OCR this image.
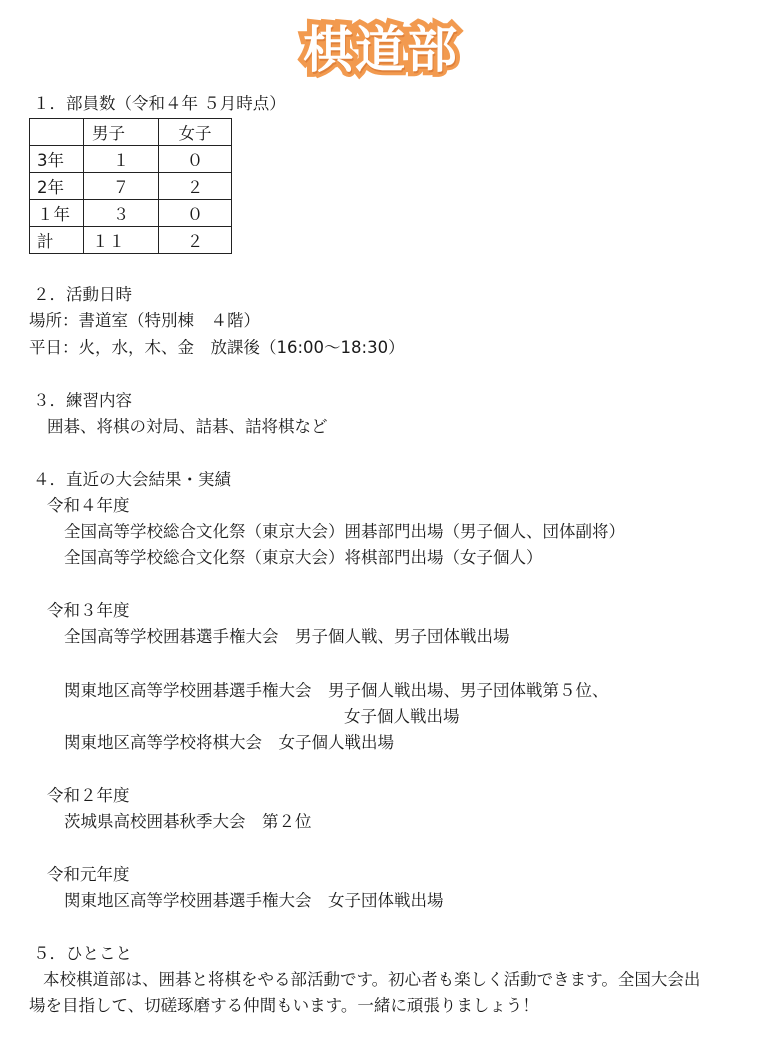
棋道部
１．部員数（令和４年 ５月時点）
	男子	女子
3年	１	０
2年	７	２
１年	３	０
計	１１	２
２．活動日時
場所：書道室（特別棟　４階）
平日：火，水，木、金　放課後（16:00～18:30）
３．練習内容
囲碁、将棋の対局、詰碁、詰将棋など
４．直近の大会結果・実績
令和４年度
全国高等学校総合文化祭（東京大会）囲碁部門出場（男子個人、団体副将）
全国高等学校総合文化祭（東京大会）将棋部門出場（女子個人）
令和３年度
全国高等学校囲碁選手権大会　男子個人戦、男子団体戦出場
関東地区高等学校囲碁選手権大会　男子個人戦出場、男子団体戦第５位、
女子個人戦出場
関東地区高等学校将棋大会　女子個人戦出場
令和２年度
茨城県高校囲碁秋季大会　第２位
令和元年度
関東地区高等学校囲碁選手権大会　女子団体戦出場
５．ひとこと
本校棋道部は、囲碁と将棋をやる部活動です。初心者も楽しく活動できます。全国大会出
場を目指して、切磋琢磨する仲間もいます。一緒に頑張りましょう！
